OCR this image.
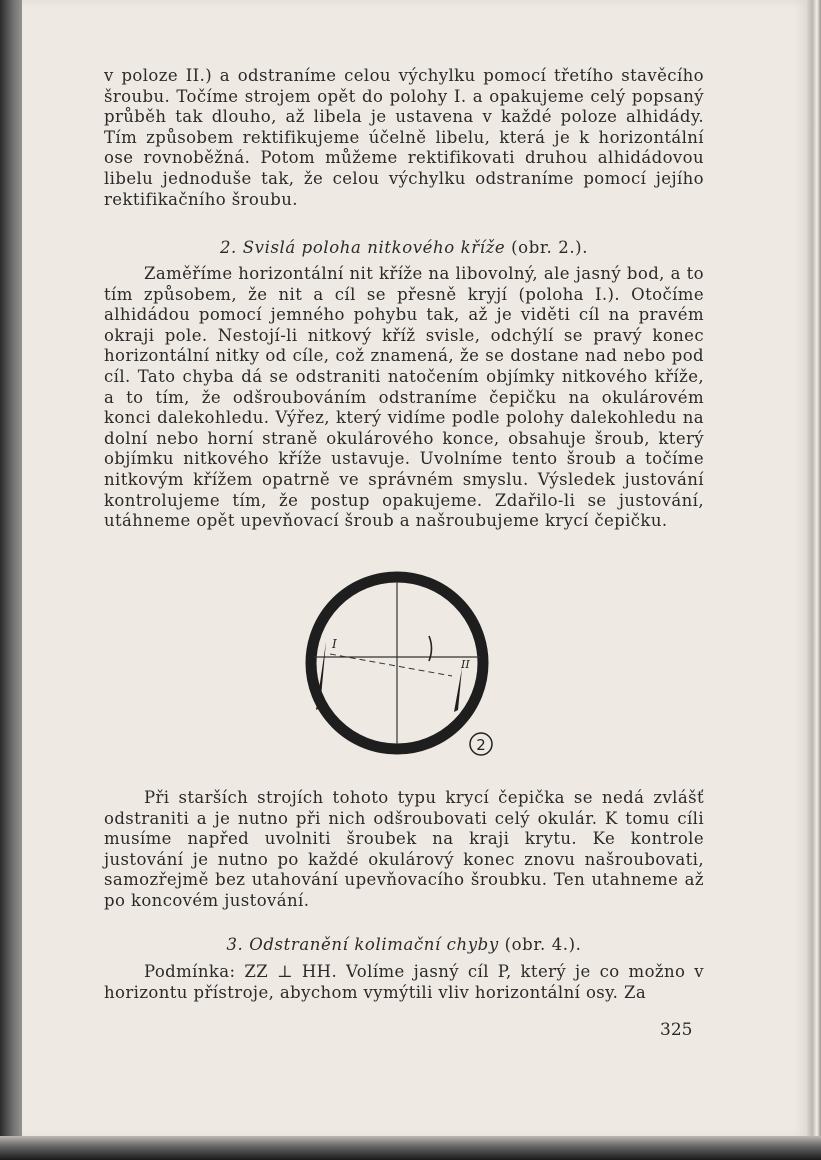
v poloze II.) a odstraníme celou výchylku pomocí třetího stavěcího šroubu. Točíme strojem opět do polohy I. a opakujeme celý popsaný průběh tak dlouho, až libela je ustavena v každé poloze alhidády. Tím způsobem rektifikujeme účelně libelu, která je k horizontální ose rovnoběžná. Potom můžeme rektifikovati druhou alhidádovou libelu jednoduše tak, že celou výchylku odstraníme pomocí jejího rektifikačního šroubu.

2. Svislá poloha nitkového kříže (obr. 2.).

Zaměříme horizontální nit kříže na libovolný, ale jasný bod, a to tím způsobem, že nit a cíl se přesně kryjí (poloha I.). Otočíme alhidádou pomocí jemného pohybu tak, až je viděti cíl na pravém okraji pole. Nestojí-li nitkový kříž svisle, odchýlí se pravý konec horizontální nitky od cíle, což znamená, že se dostane nad nebo pod cíl. Tato chyba dá se odstraniti natočením objímky nitkového kříže, a to tím, že odšroubováním odstraníme čepičku na okulárovém konci dalekohledu. Výřez, který vidíme podle polohy dalekohledu na dolní nebo horní straně okulárového konce, obsahuje šroub, který objímku nitkového kříže ustavuje. Uvolníme tento šroub a točíme nitkovým křížem opatrně ve správném smyslu. Výsledek justování kontrolujeme tím, že postup opakujeme. Zdařilo-li se justování, utáhneme opět upevňovací šroub a našroubujeme krycí čepičku.

I
II
2

Při starších strojích tohoto typu krycí čepička se nedá zvlášť odstraniti a je nutno při nich odšroubovati celý okulár. K tomu cíli musíme napřed uvolniti šroubek na kraji krytu. Ke kontrole justování je nutno po každé okulárový konec znovu našroubovati, samozřejmě bez utahování upevňovacího šroubku. Ten utahneme až po koncovém justování.

3. Odstranění kolimační chyby (obr. 4.).

Podmínka: ZZ ⊥ HH. Volíme jasný cíl P, který je co možno v horizontu přístroje, abychom vymýtili vliv horizontální osy. Za

325
